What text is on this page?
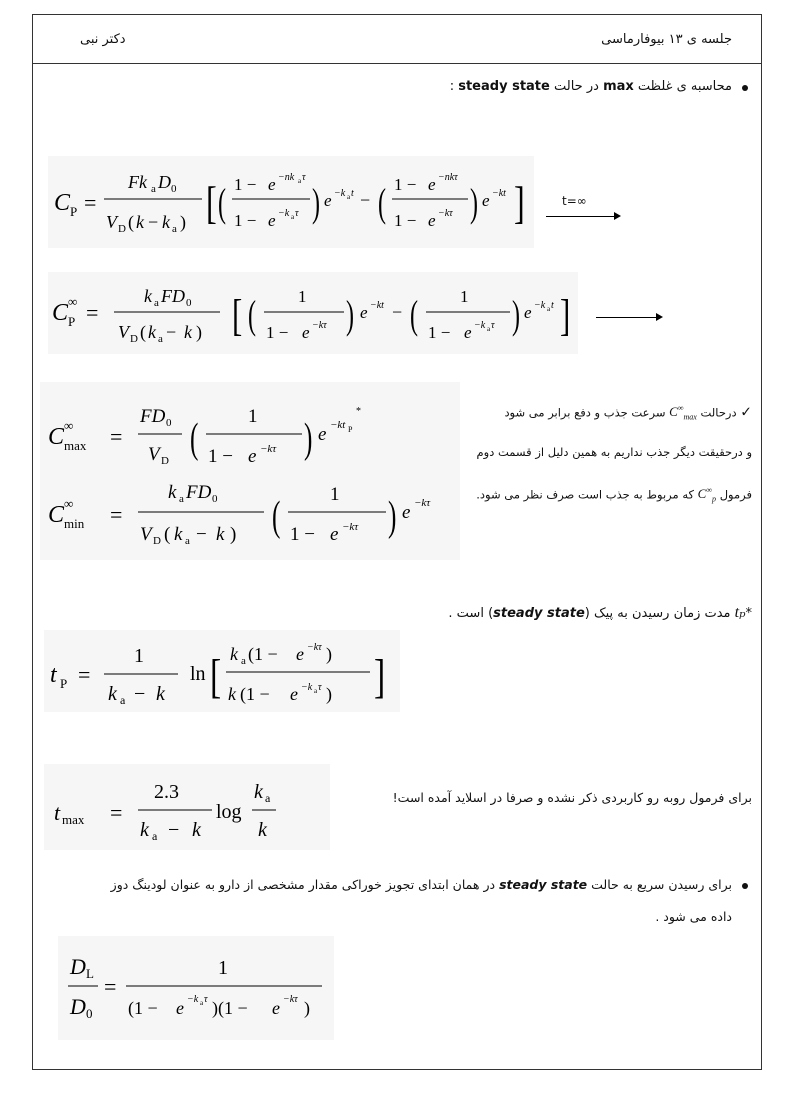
جلسه ی ۱۳ بیوفارماسی
دکتر نبی
محاسبه ی غلظت max در حالت steady state :
C P =
Fk a D 0
V D ( k − k a ) [ ( 1 − e −nk a τ
1 − e −k a τ ) e −k a t − ( 1 − e −nkτ
1 − e −kτ ) e −kt ]	t=∞
C P
∞ =
k a FD 0
V D ( k a − k ) [ ( 1
1 − e −kτ ) e −kt − ( 1
1 − e −k a τ ) e −k a t ]
C ∞
max =
FD 0
V D (	1
1 − e −kτ ) e −kt P
*
C ∞
min =
k a FD 0
V D ( k a − k ) (	1
1 − e −kτ ) e −kτ
✓ درحالت $C^\infty_{max}$ سرعت جذب و دفع برابر می شود
و درحقیقت دیگر جذب نداریم به همین دلیل از قسمت دوم
فرمول $C^\infty_p$ که مربوط به جذب است صرف نظر می شود.
*tₚ مدت زمان رسیدن به پیک (steady state) است .
t P =
1
k a − k
ln [ k a (1 − e −kτ )
k (1 − e −k a τ ) ]
t max =
2.3
k a − k
log
k a
k
برای فرمول روبه رو کاربردی ذکر نشده و صرفا در اسلاید آمده است!
برای رسیدن سریع به حالت steady state در همان ابتدای تجویز خوراکی مقدار مشخصی از دارو به عنوان لودینگ دوز
داده می شود .
D L
D 0
=
1
(1 − e −k a τ )(1 − e −kτ )
